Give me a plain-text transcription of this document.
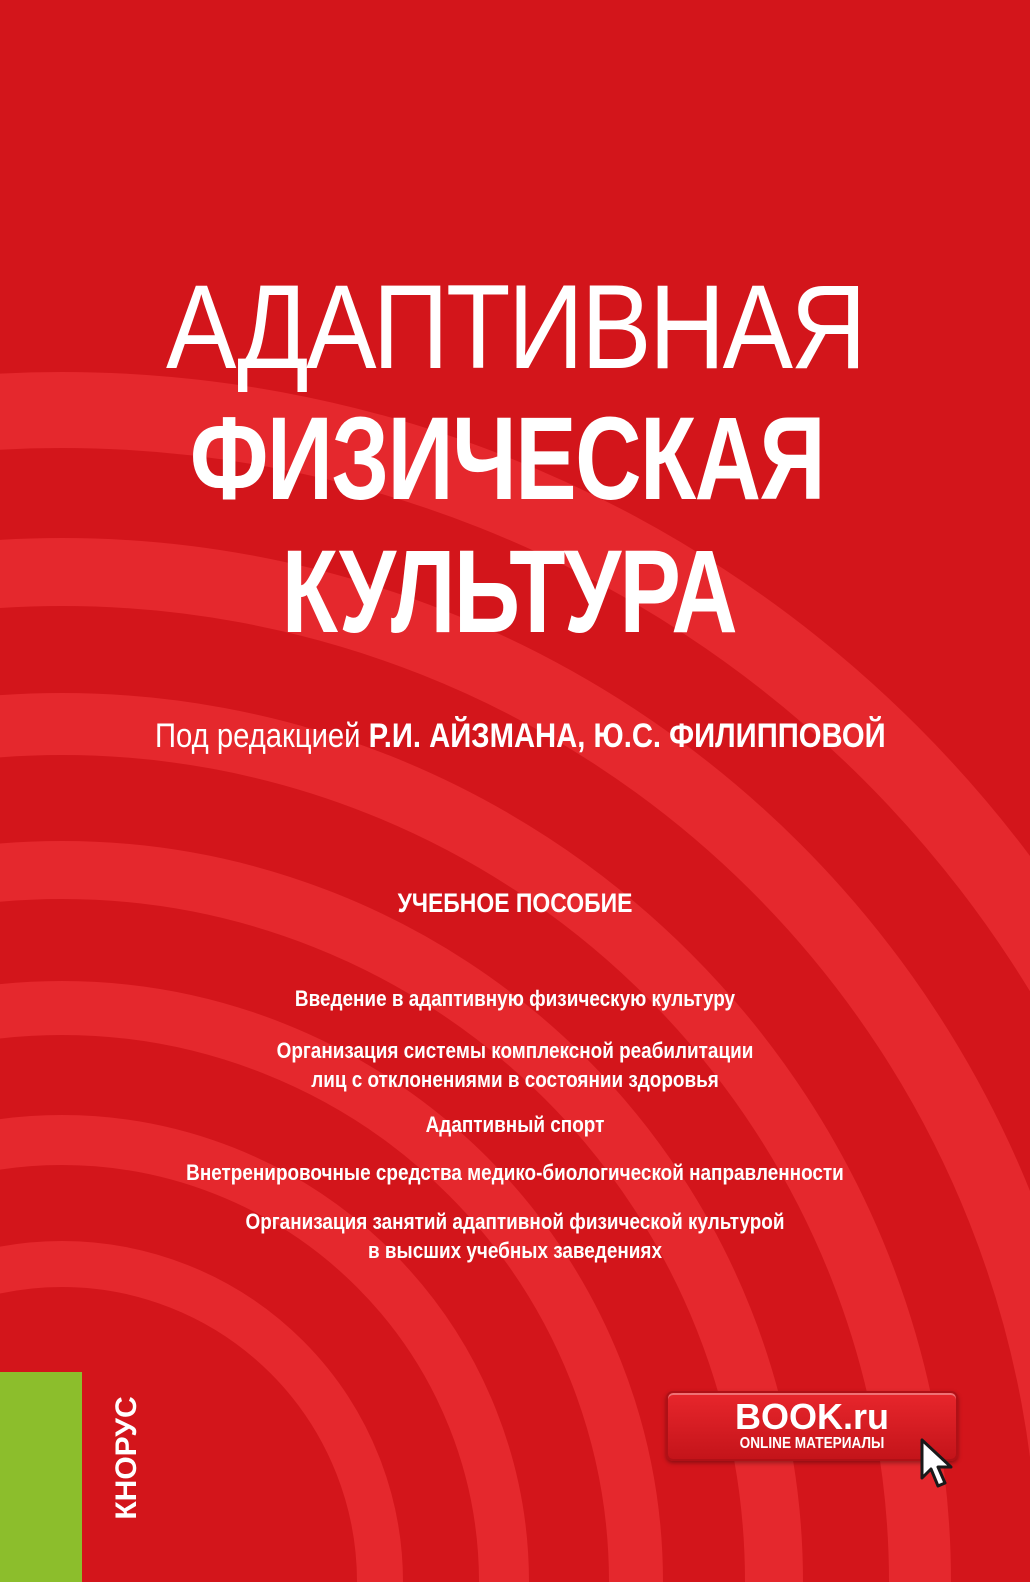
АДАПТИВНАЯ
ФИЗИЧЕСКАЯ
КУЛЬТУРА
Под редакцией Р.И. АЙЗМАНА, Ю.С. ФИЛИППОВОЙ
УЧЕБНОЕ ПОСОБИЕ
Введение в адаптивную физическую культуру
Организация системы комплексной реабилитации
лиц с отклонениями в состоянии здоровья
Адаптивный спорт
Внетренировочные средства медико-биологической направленности
Организация занятий адаптивной физической культурой
в высших учебных заведениях
КНОРУС	BOOK.ru
ONLINE МАТЕРИАЛЫ
